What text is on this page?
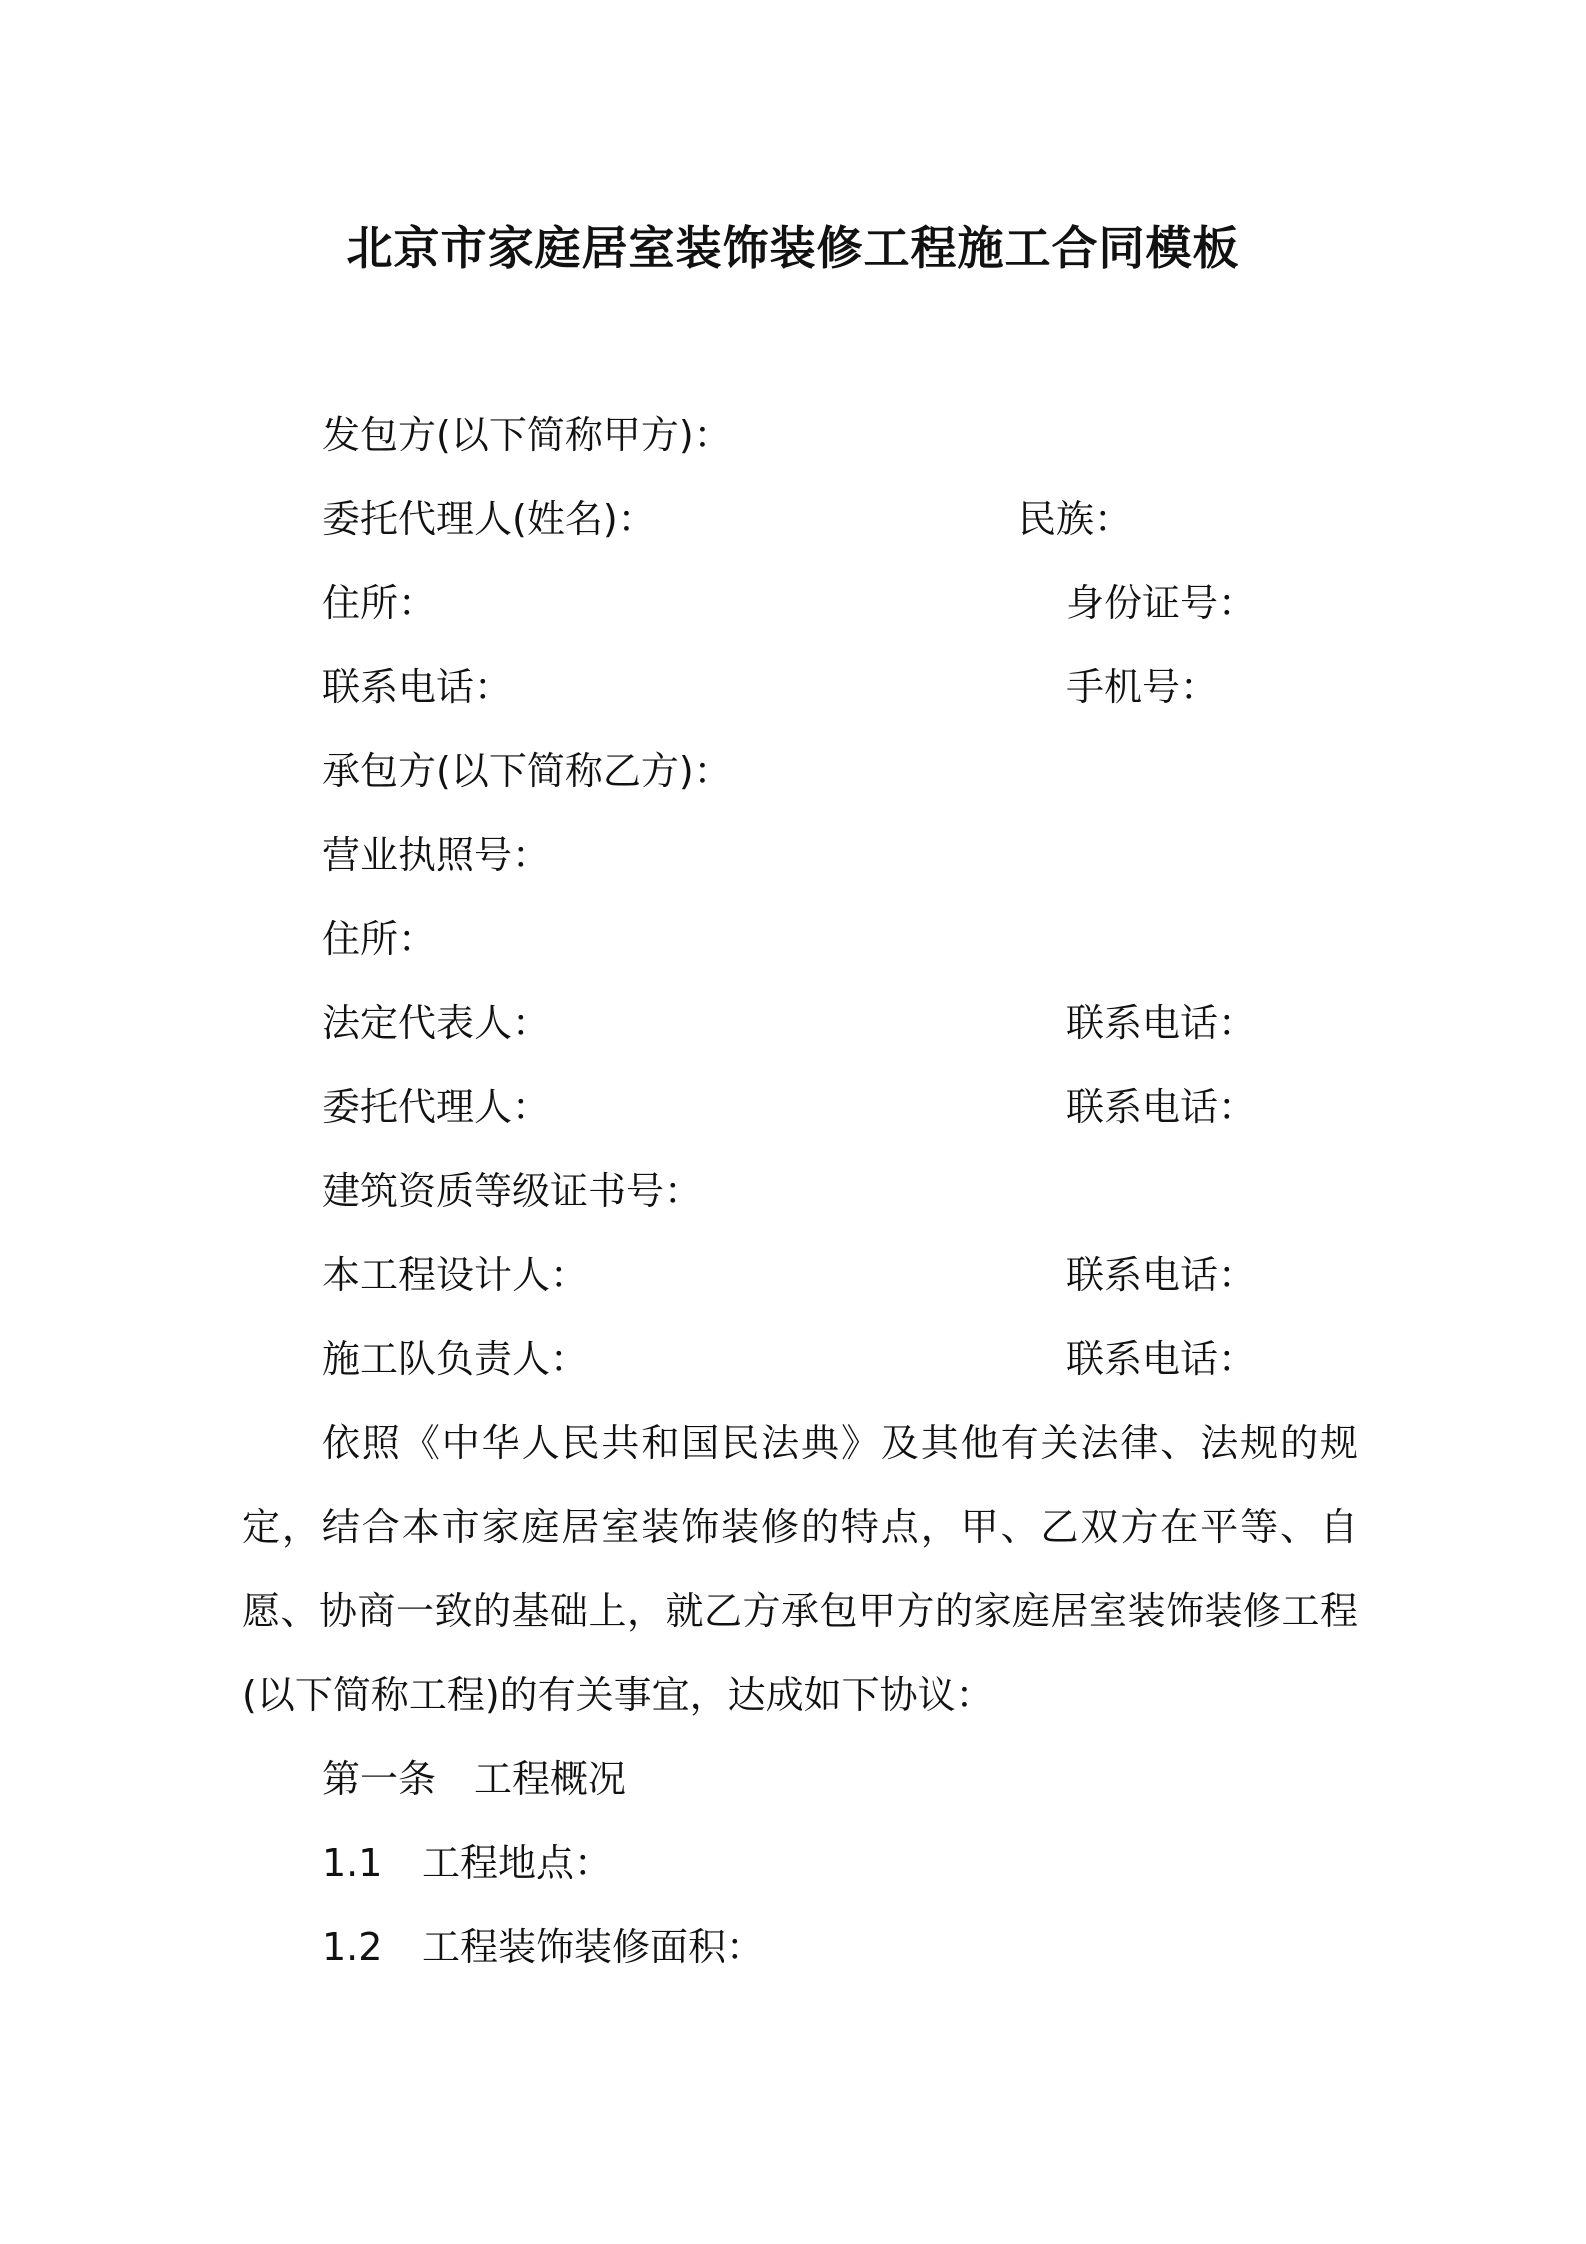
北京市家庭居室装饰装修工程施工合同模板
发包方(以下简称甲方)：
委托代理人(姓名)：	民族：
住所：	身份证号：
联系电话：	手机号：
承包方(以下简称乙方)：
营业执照号：
住所：
法定代表人：	联系电话：
委托代理人：	联系电话：
建筑资质等级证书号：
本工程设计人：	联系电话：
施工队负责人：	联系电话：
依照《中华人民共和国民法典》及其他有关法律、法规的规定，结合本市家庭居室装饰装修的特点，甲、乙双方在平等、自愿、协商一致的基础上，就乙方承包甲方的家庭居室装饰装修工程(以下简称工程)的有关事宜，达成如下协议：
第一条　工程概况
1.1 工程地点：
1.2 工程装饰装修面积：
